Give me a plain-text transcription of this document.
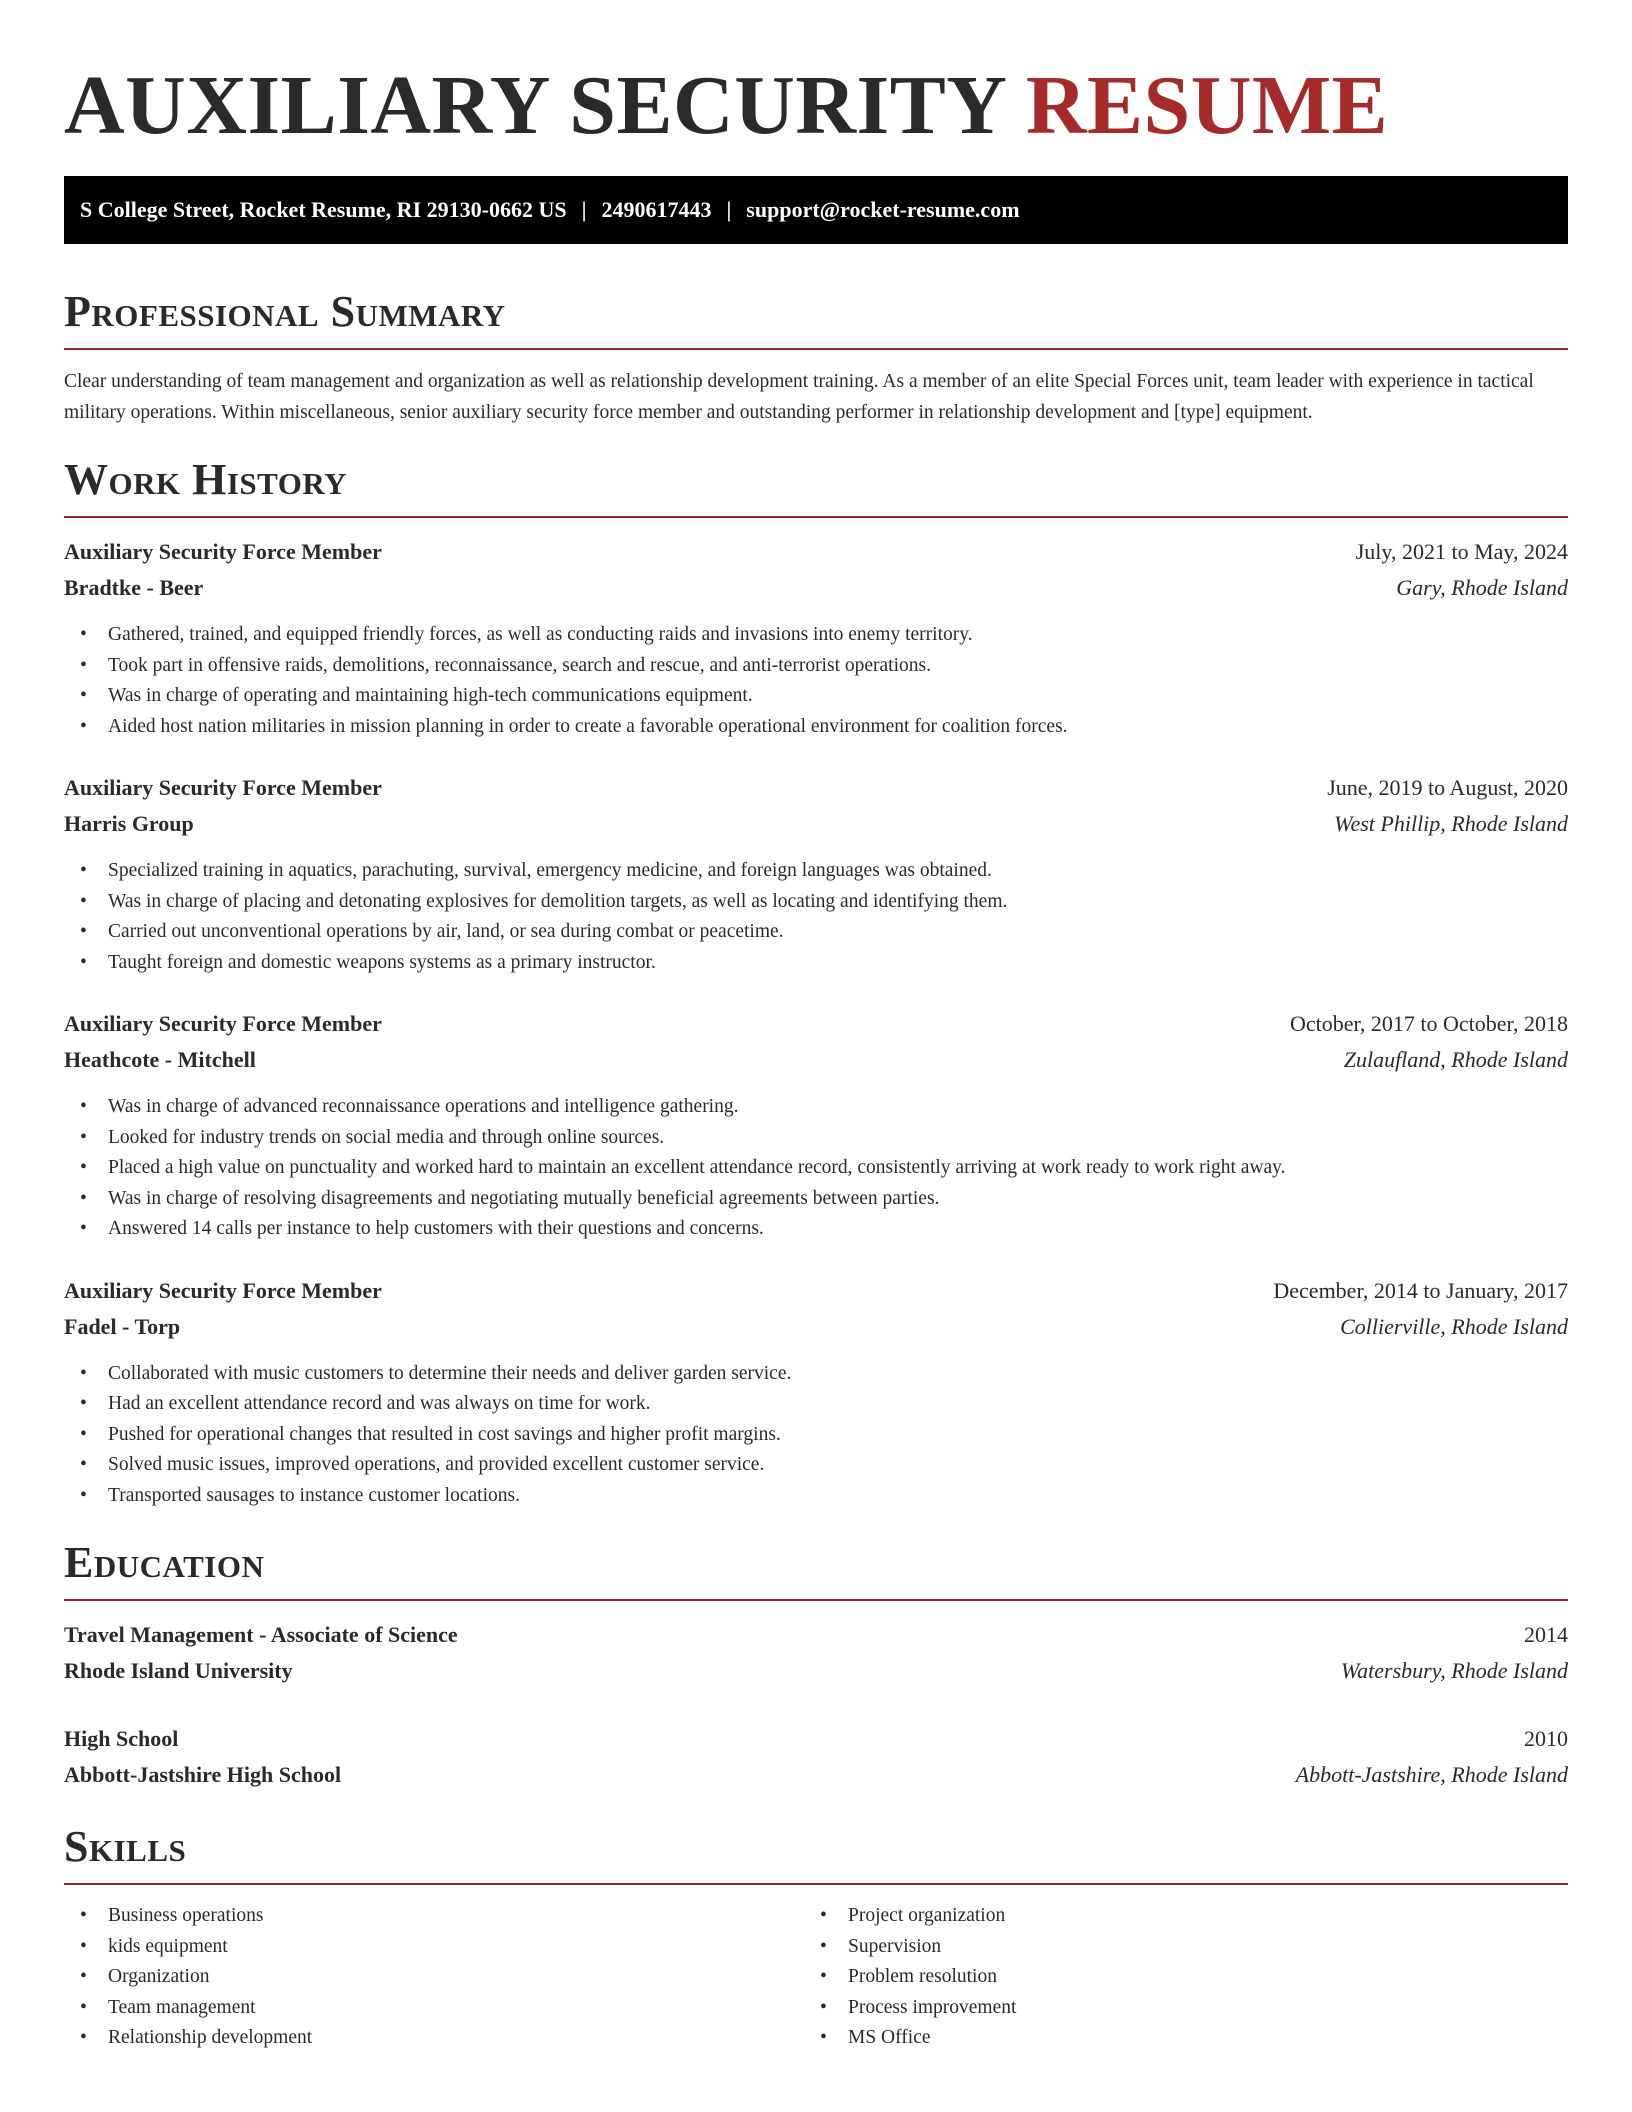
AUXILIARY SECURITY RESUME
S College Street, Rocket Resume, RI 29130-0662 US | 2490617443 | support@rocket-resume.com
Professional Summary

Clear understanding of team management and organization as well as relationship development training. As a member of an elite Special Forces unit, team leader with experience in tactical military operations. Within miscellaneous, senior auxiliary security force member and outstanding performer in relationship development and [type] equipment.

Work History
Auxiliary Security Force Member	July, 2021 to May, 2024
Bradtke - Beer	Gary, Rhode Island
• Gathered, trained, and equipped friendly forces, as well as conducting raids and invasions into enemy territory.
• Took part in offensive raids, demolitions, reconnaissance, search and rescue, and anti-terrorist operations.
• Was in charge of operating and maintaining high-tech communications equipment.
• Aided host nation militaries in mission planning in order to create a favorable operational environment for coalition forces.
Auxiliary Security Force Member	June, 2019 to August, 2020
Harris Group	West Phillip, Rhode Island
• Specialized training in aquatics, parachuting, survival, emergency medicine, and foreign languages was obtained.
• Was in charge of placing and detonating explosives for demolition targets, as well as locating and identifying them.
• Carried out unconventional operations by air, land, or sea during combat or peacetime.
• Taught foreign and domestic weapons systems as a primary instructor.
Auxiliary Security Force Member	October, 2017 to October, 2018
Heathcote - Mitchell	Zulaufland, Rhode Island
• Was in charge of advanced reconnaissance operations and intelligence gathering.
• Looked for industry trends on social media and through online sources.
• Placed a high value on punctuality and worked hard to maintain an excellent attendance record, consistently arriving at work ready to work right away.
• Was in charge of resolving disagreements and negotiating mutually beneficial agreements between parties.
• Answered 14 calls per instance to help customers with their questions and concerns.
Auxiliary Security Force Member	December, 2014 to January, 2017
Fadel - Torp	Collierville, Rhode Island
• Collaborated with music customers to determine their needs and deliver garden service.
• Had an excellent attendance record and was always on time for work.
• Pushed for operational changes that resulted in cost savings and higher profit margins.
• Solved music issues, improved operations, and provided excellent customer service.
• Transported sausages to instance customer locations.
Education
Travel Management - Associate of Science	2014
Rhode Island University	Watersbury, Rhode Island
High School	2010
Abbott-Jastshire High School	Abbott-Jastshire, Rhode Island
Skills
• Business operations
• kids equipment
• Organization
• Team management
• Relationship development
• Project organization
• Supervision
• Problem resolution
• Process improvement
• MS Office
